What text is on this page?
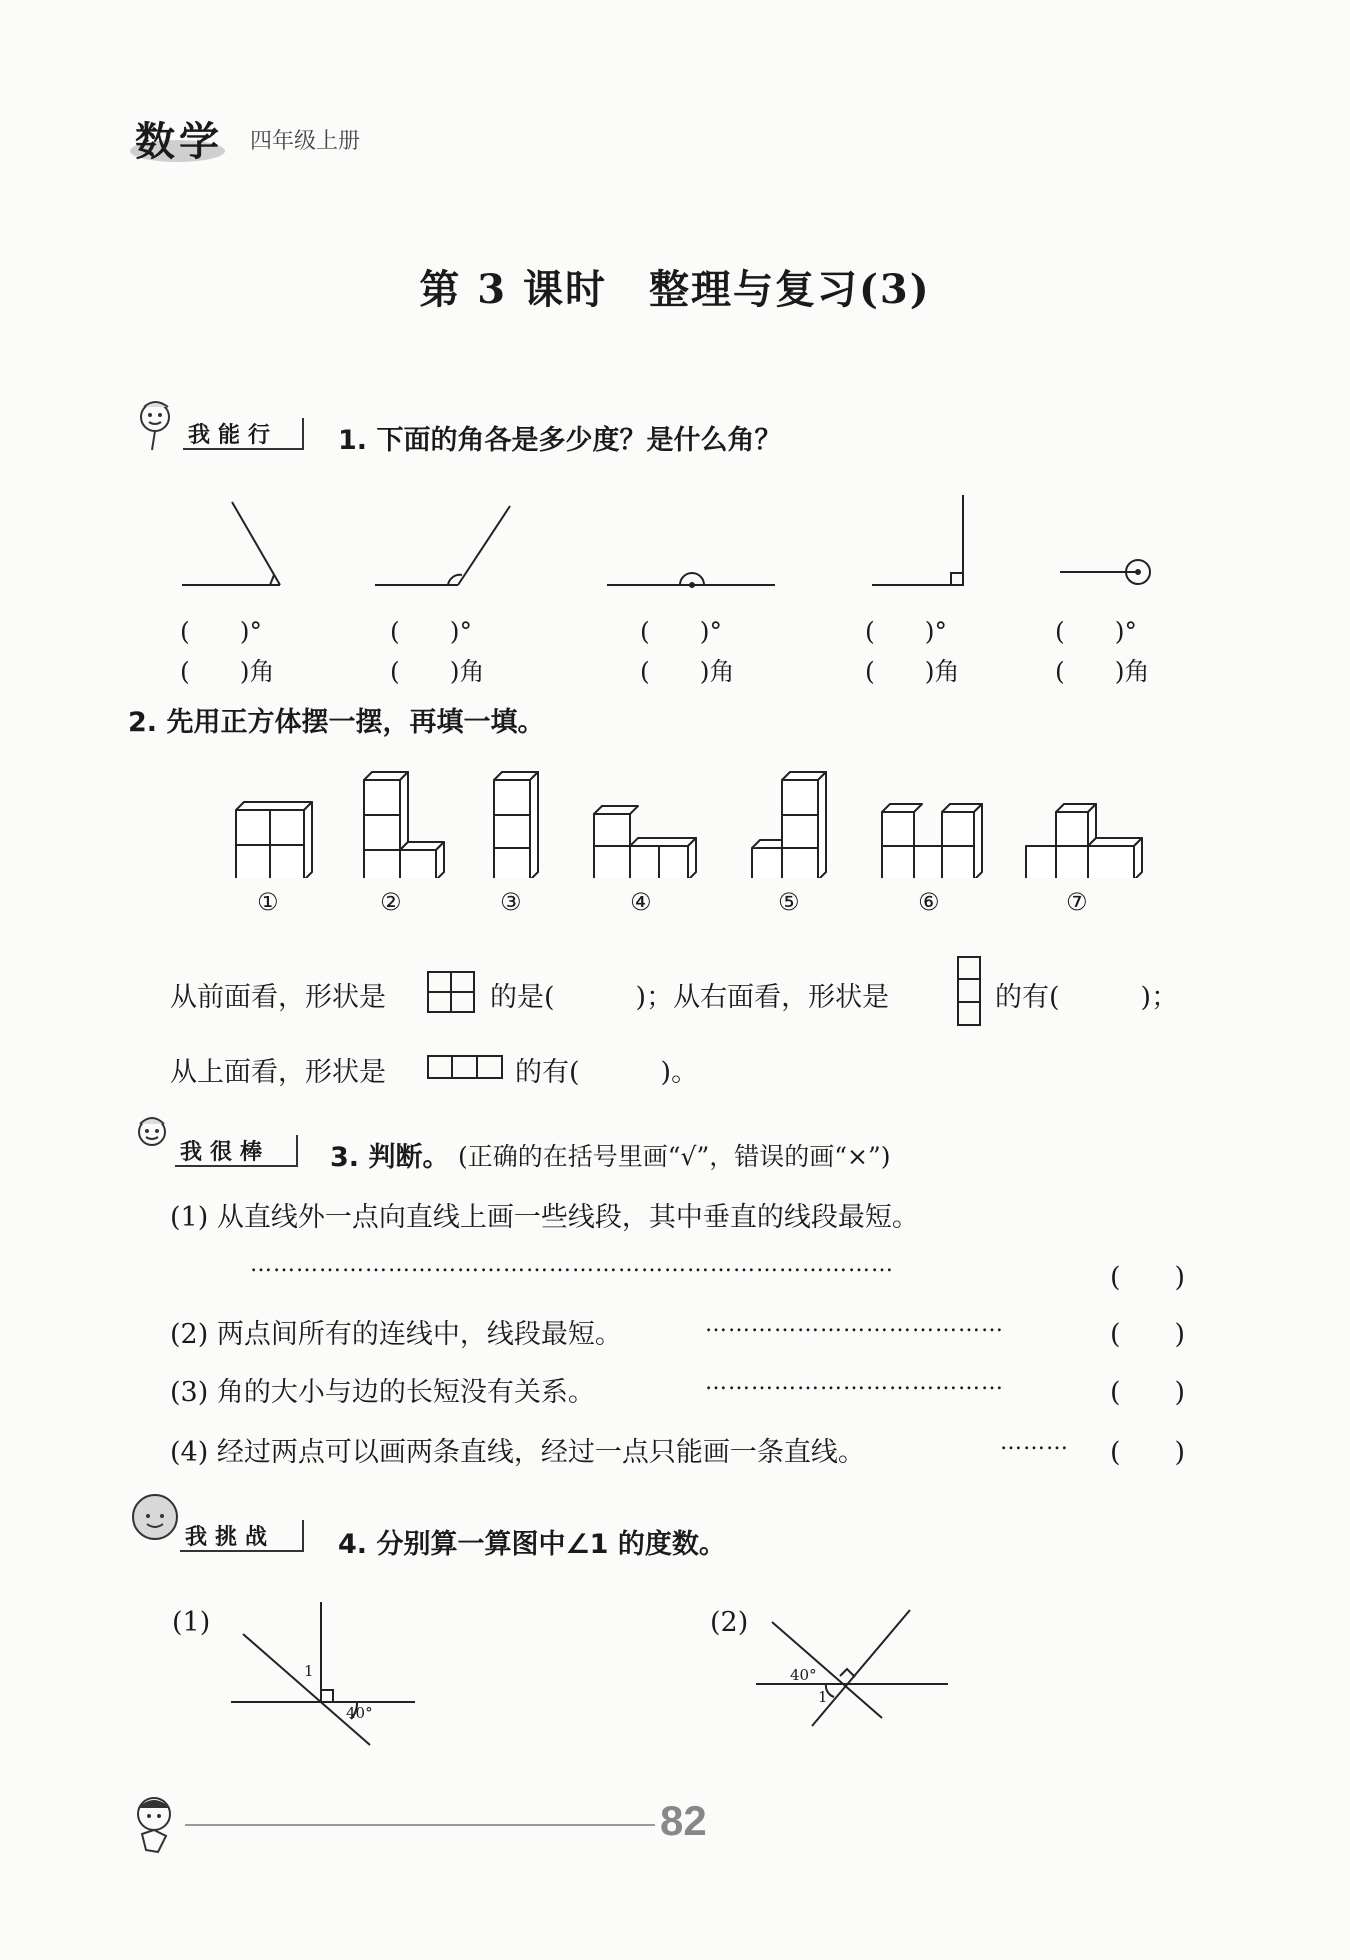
数学 四年级上册
第 3 课时　整理与复习(3)
我能行 1. 下面的角各是多少度？是什么角？
(　　)°
(　　)角
(　　)°
(　　)角
(　　)°
(　　)角
(　　)°
(　　)角
(　　)°
(　　)角
2. 先用正方体摆一摆，再填一填。
①	②	③	④	⑤	⑥	⑦
从前面看，形状是	的是(　　　)；从右面看，形状是	的有(　　　)；
从上面看，形状是	的有(　　　)。
我很棒 3. 判断。 (正确的在括号里画“√”，错误的画“×”)
(1) 从直线外一点向直线上画一些线段，其中垂直的线段最短。
…………………………………………………………………………	(　　)
(2) 两点间所有的连线中，线段最短。	…………………………………	(　　)
(3) 角的大小与边的长短没有关系。	…………………………………	(　　)
(4) 经过两点可以画两条直线，经过一点只能画一条直线。	……… (　　)
我挑战 4. 分别算一算图中∠1 的度数。
(1)
1
40°
(2)
40°
1
82
